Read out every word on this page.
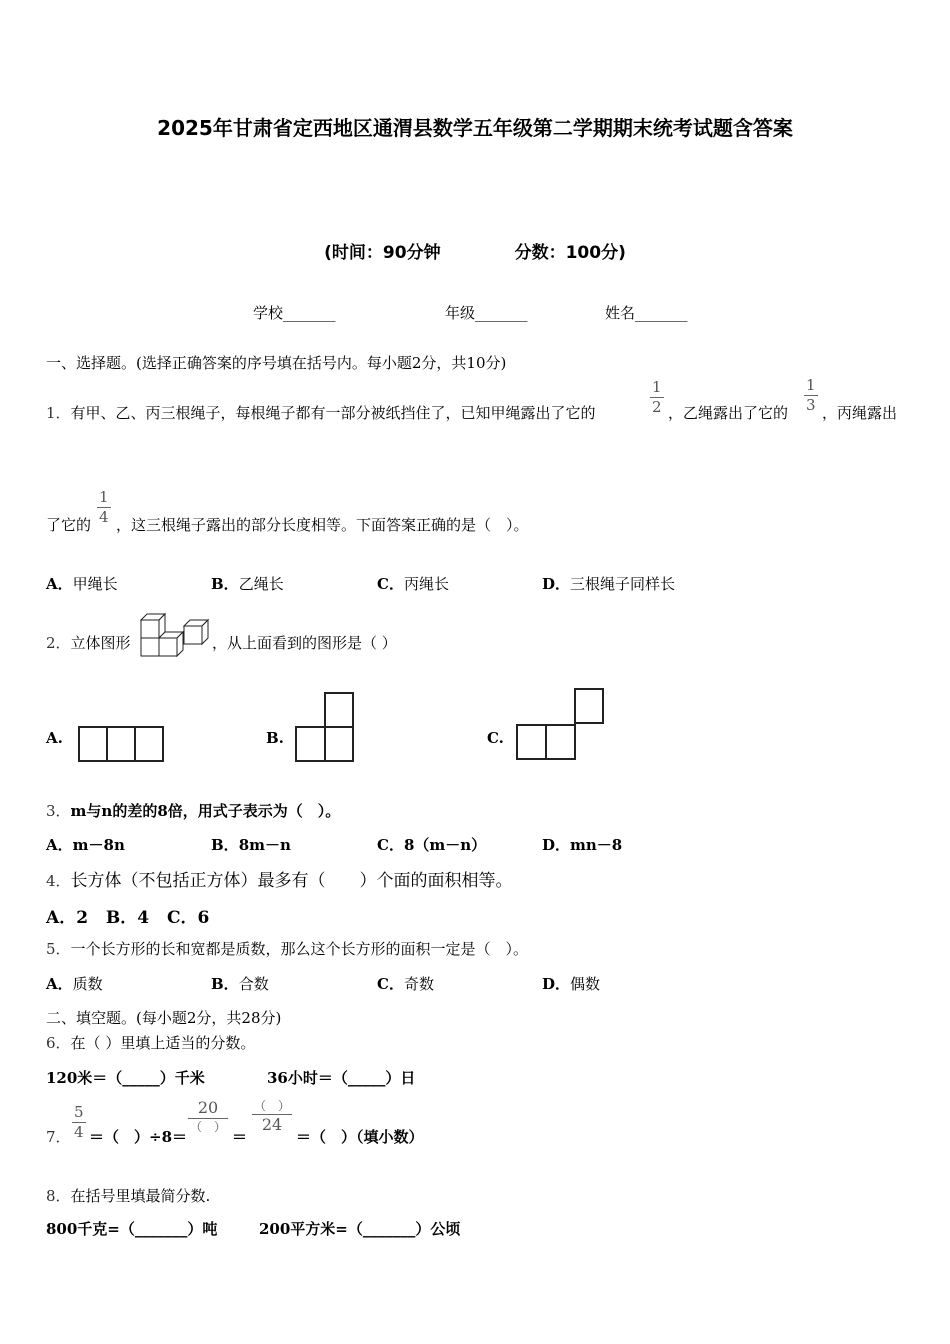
2025年甘肃省定西地区通渭县数学五年级第二学期期末统考试题含答案
(时间：90分钟	分数：100分)
学校_______	年级_______	姓名_______
一、选择题。(选择正确答案的序号填在括号内。每小题2分，共10分)
1．有甲、乙、丙三根绳子，每根绳子都有一部分被纸挡住了，已知甲绳露出了它的
1
2 ，乙绳露出了它的
1
3 ，丙绳露出
了它的
1
4 ，这三根绳子露出的部分长度相等。下面答案正确的是（　）。
A．甲绳长	B．乙绳长	C．丙绳长	D．三根绳子同样长
2．立体图形	，从上面看到的图形是（ ）
A.	B.	C.
3．m与n的差的8倍，用式子表示为（　）。
A．m－8n	B．8m－n	C．8（m－n）	D．mn－8
4．长方体（不包括正方体）最多有（　　）个面的面积相等。
A．2 B．4 C．6
5．一个长方形的长和宽都是质数，那么这个长方形的面积一定是（　）。
A．质数	B．合数	C．奇数	D．偶数
二、填空题。(每小题2分，共28分)
6．在（ ）里填上适当的分数。
120米＝（_____）千米	36小时＝（_____）日
7．
5
4 ＝（　）÷8＝
20
（　）
＝
（　）
24
＝（　）（填小数）
8．在括号里填最简分数.
800千克=（_______）吨	200平方米=（_______）公顷
